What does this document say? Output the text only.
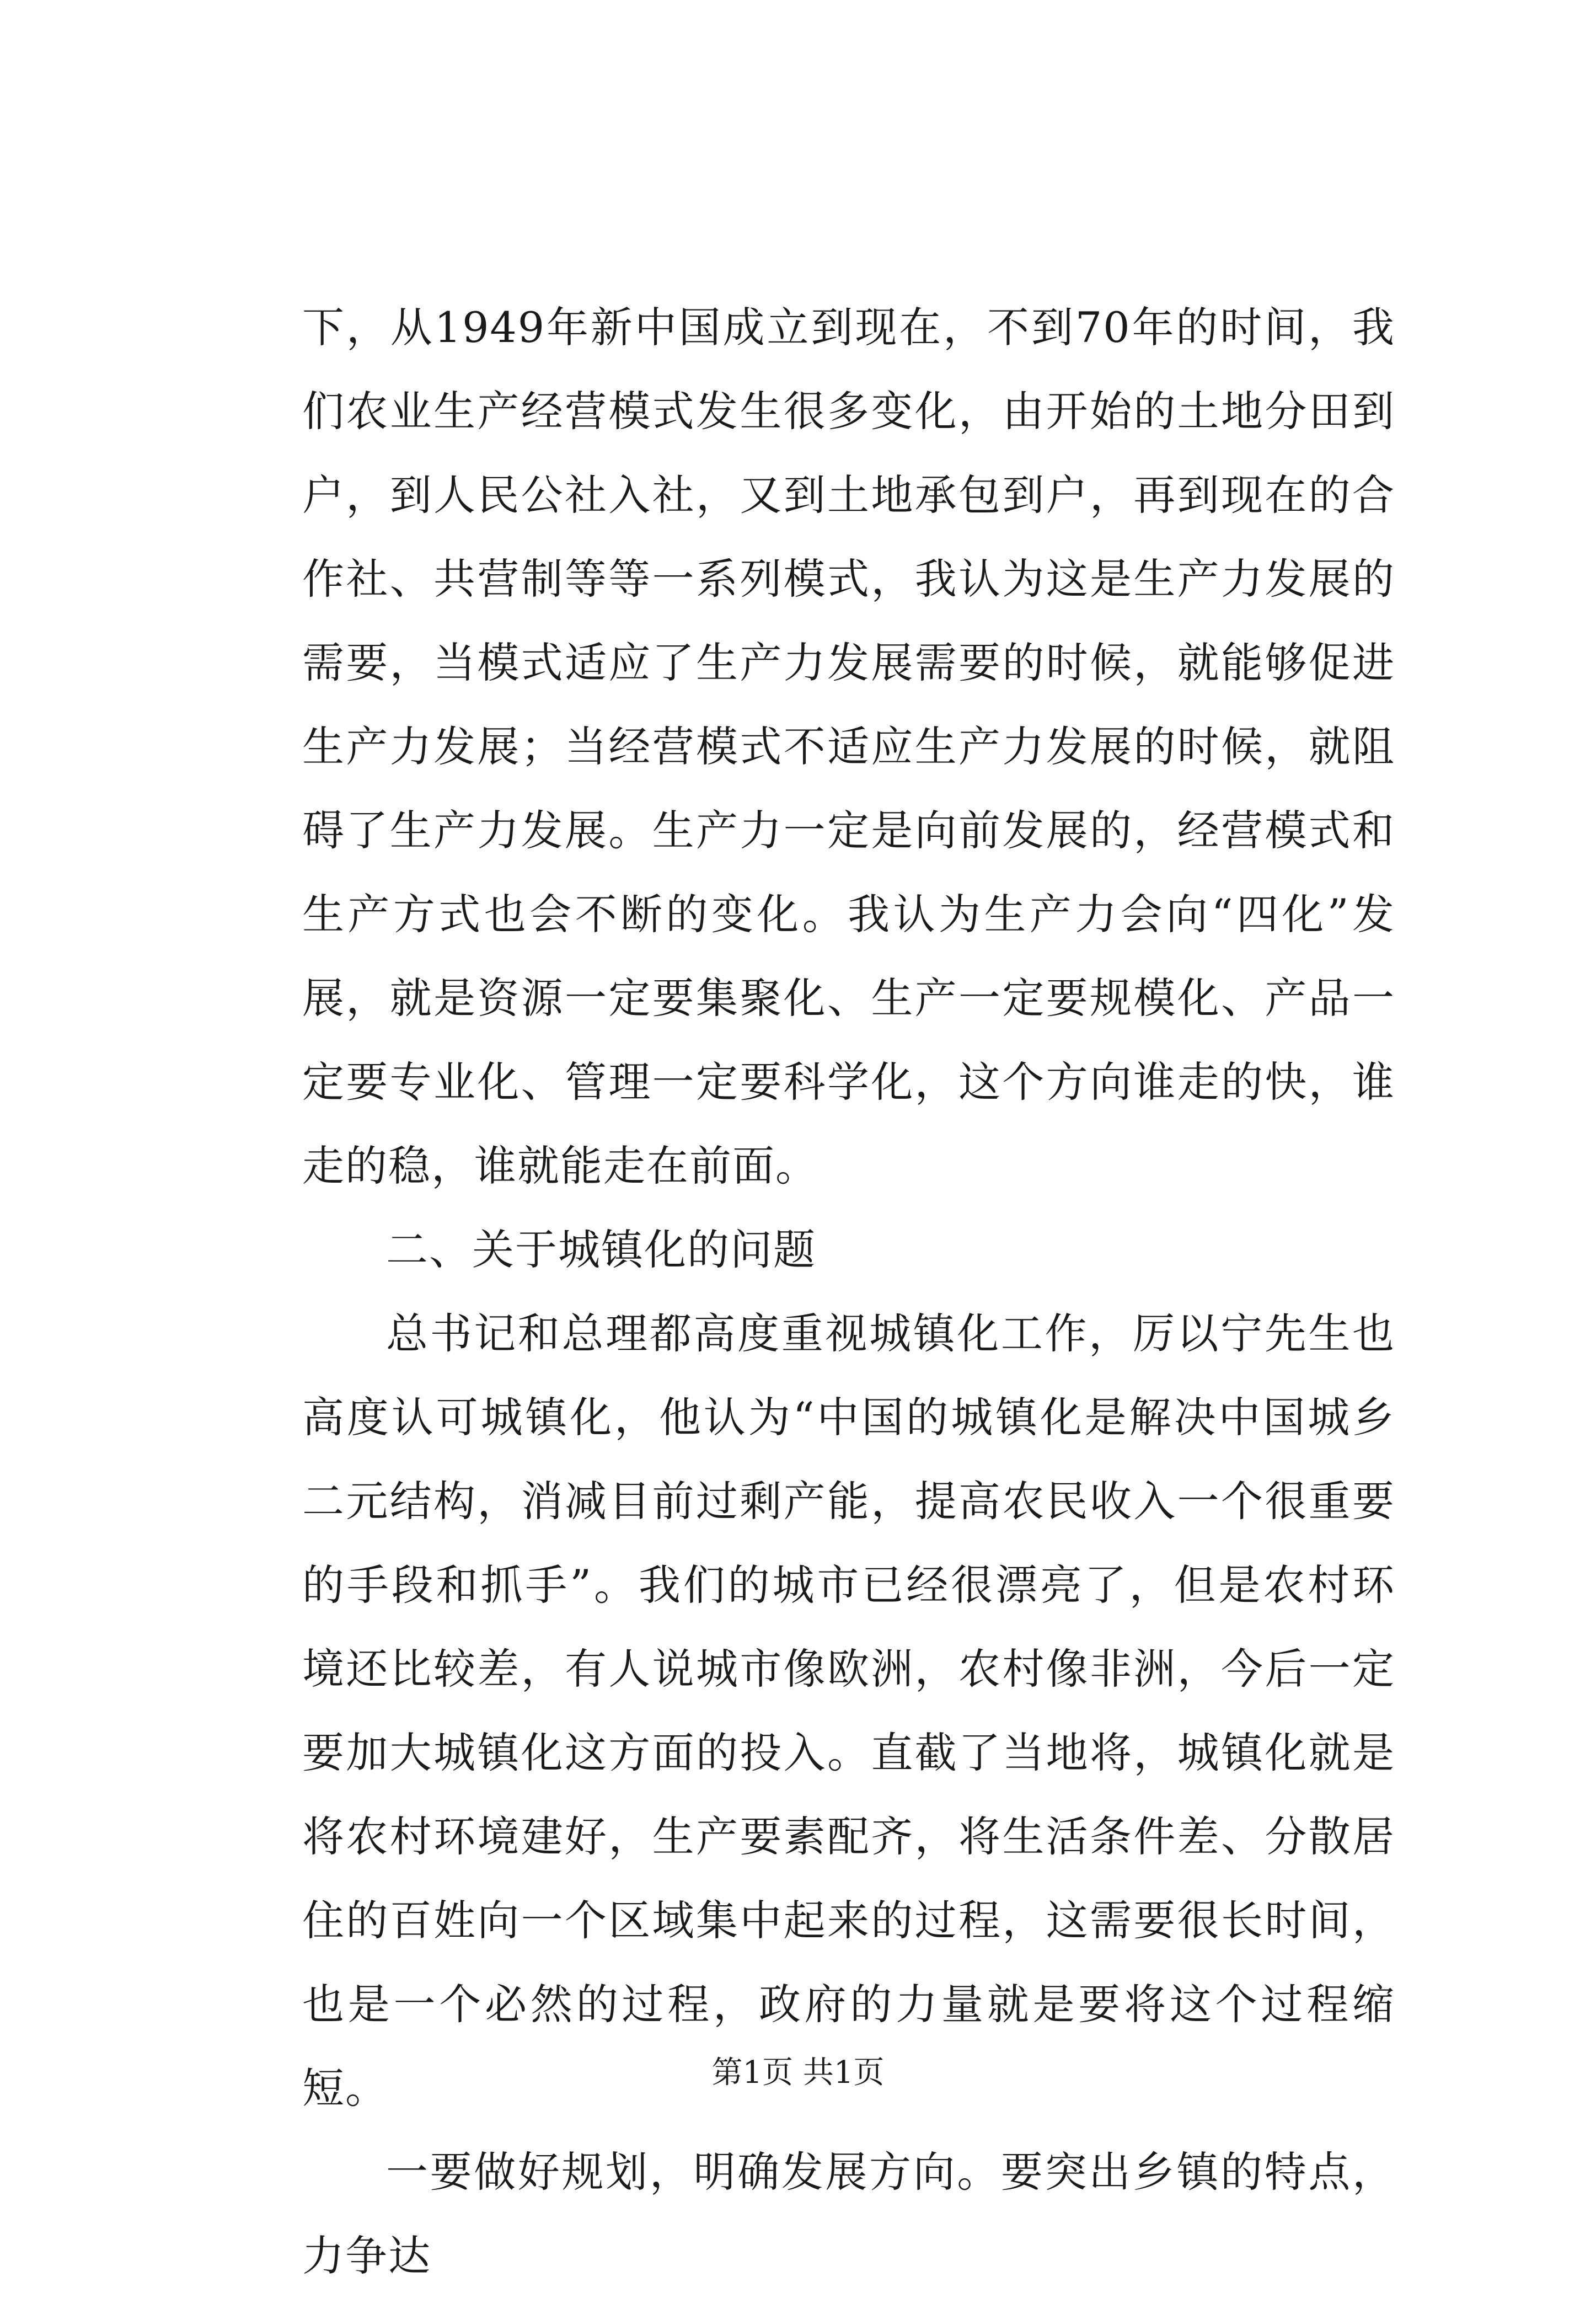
下，从1949年新中国成立到现在，不到70年的时间，我们农业生产经营模式发生很多变化，由开始的土地分田到户，到人民公社入社，又到土地承包到户，再到现在的合作社、共营制等等一系列模式，我认为这是生产力发展的需要，当模式适应了生产力发展需要的时候，就能够促进生产力发展；当经营模式不适应生产力发展的时候，就阻碍了生产力发展。生产力一定是向前发展的，经营模式和生产方式也会不断的变化。我认为生产力会向“四化”发展，就是资源一定要集聚化、生产一定要规模化、产品一定要专业化、管理一定要科学化，这个方向谁走的快，谁走的稳，谁就能走在前面。

二、关于城镇化的问题

总书记和总理都高度重视城镇化工作，厉以宁先生也高度认可城镇化，他认为“中国的城镇化是解决中国城乡二元结构，消减目前过剩产能，提高农民收入一个很重要的手段和抓手”。我们的城市已经很漂亮了，但是农村环境还比较差，有人说城市像欧洲，农村像非洲，今后一定要加大城镇化这方面的投入。直截了当地将，城镇化就是将农村环境建好，生产要素配齐，将生活条件差、分散居住的百姓向一个区域集中起来的过程，这需要很长时间，也是一个必然的过程，政府的力量就是要将这个过程缩短。

一要做好规划，明确发展方向。要突出乡镇的特点，力争达

第1页 共1页
